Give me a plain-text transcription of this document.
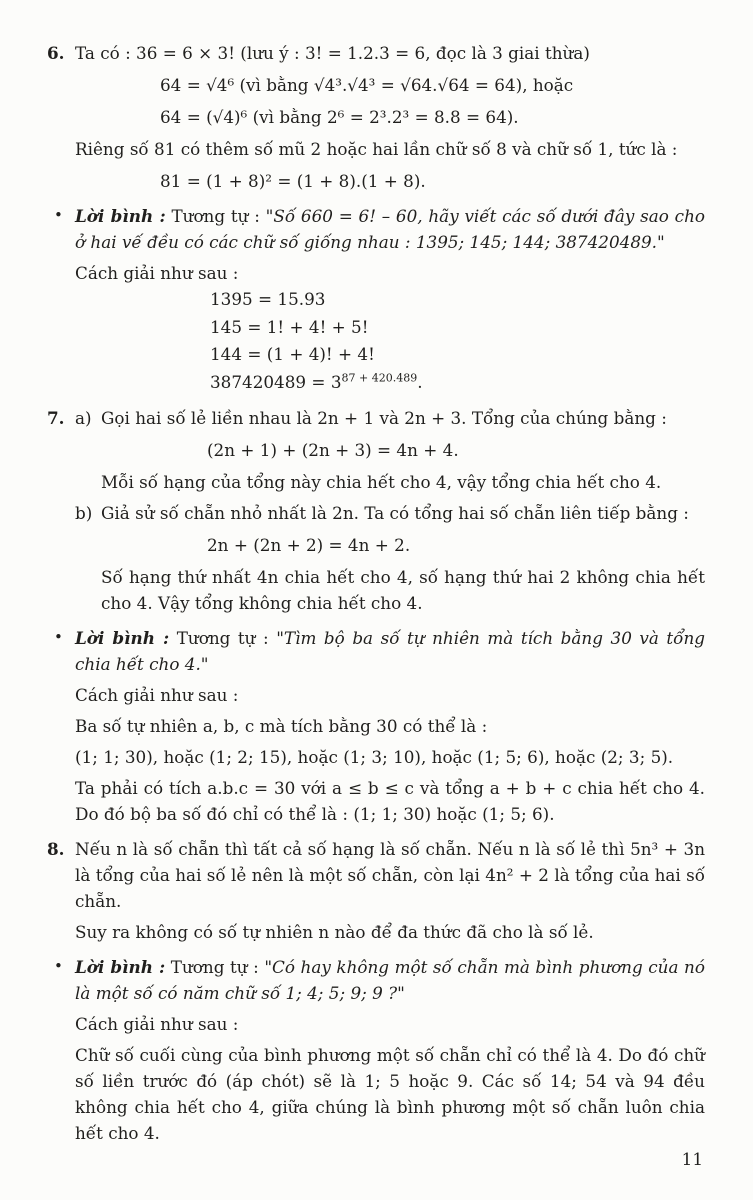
6. Ta có : 36 = 6 × 3! (lưu ý : 3! = 1.2.3 = 6, đọc là 3 giai thừa)

64 = √4⁶ (vì bằng √4³.√4³ = √64.√64 = 64), hoặc

64 = (√4)⁶ (vì bằng 2⁶ = 2³.2³ = 8.8 = 64).

Riêng số 81 có thêm số mũ 2 hoặc hai lần chữ số 8 và chữ số 1, tức là :

81 = (1 + 8)² = (1 + 8).(1 + 8).

• Lời bình : Tương tự : "Số 660 = 6! – 60, hãy viết các số dưới đây sao cho ở hai vế đều có các chữ số giống nhau : 1395; 145; 144; 387420489."

Cách giải như sau :

1395 = 15.93

145 = 1! + 4! + 5!

144 = (1 + 4)! + 4!

$387420489 = 3^{87 + 420.489}$.

7. a) Gọi hai số lẻ liền nhau là 2n + 1 và 2n + 3. Tổng của chúng bằng :

(2n + 1) + (2n + 3) = 4n + 4.

Mỗi số hạng của tổng này chia hết cho 4, vậy tổng chia hết cho 4.

b) Giả sử số chẵn nhỏ nhất là 2n. Ta có tổng hai số chẵn liên tiếp bằng :

2n + (2n + 2) = 4n + 2.

Số hạng thứ nhất 4n chia hết cho 4, số hạng thứ hai 2 không chia hết cho 4. Vậy tổng không chia hết cho 4.

• Lời bình : Tương tự : "Tìm bộ ba số tự nhiên mà tích bằng 30 và tổng chia hết cho 4."

Cách giải như sau :

Ba số tự nhiên a, b, c mà tích bằng 30 có thể là :

(1; 1; 30), hoặc (1; 2; 15), hoặc (1; 3; 10), hoặc (1; 5; 6), hoặc (2; 3; 5).

Ta phải có tích a.b.c = 30 với a ≤ b ≤ c và tổng a + b + c chia hết cho 4. Do đó bộ ba số đó chỉ có thể là : (1; 1; 30) hoặc (1; 5; 6).

8. Nếu n là số chẵn thì tất cả số hạng là số chẵn. Nếu n là số lẻ thì 5n³ + 3n là tổng của hai số lẻ nên là một số chẵn, còn lại 4n² + 2 là tổng của hai số chẵn.

Suy ra không có số tự nhiên n nào để đa thức đã cho là số lẻ.

• Lời bình : Tương tự : "Có hay không một số chẵn mà bình phương của nó là một số có năm chữ số 1; 4; 5; 9; 9 ?"

Cách giải như sau :

Chữ số cuối cùng của bình phương một số chẵn chỉ có thể là 4. Do đó chữ số liền trước đó (áp chót) sẽ là 1; 5 hoặc 9. Các số 14; 54 và 94 đều không chia hết cho 4, giữa chúng là bình phương một số chẵn luôn chia hết cho 4.

11
